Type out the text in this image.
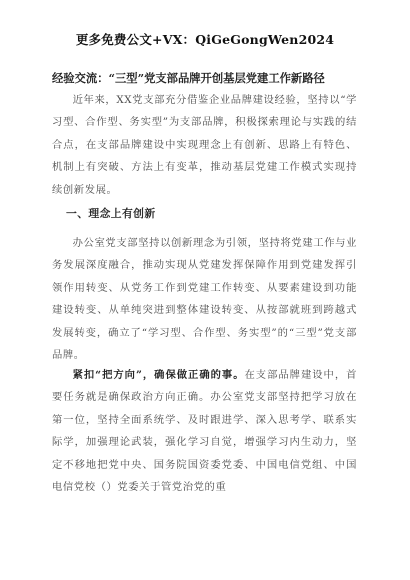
更多免费公文+VX：QiGeGongWen2024
经验交流：“三型”党支部品牌开创基层党建工作新路径
近年来，XX党支部充分借鉴企业品牌建设经验，坚持以“学习型、合作型、务实型”为支部品牌，积极探索理论与实践的结合点，在支部品牌建设中实现理念上有创新、思路上有特色、机制上有突破、方法上有变革，推动基层党建工作模式实现持续创新发展。
一、理念上有创新
办公室党支部坚持以创新理念为引领，坚持将党建工作与业务发展深度融合，推动实现从党建发挥保障作用到党建发挥引领作用转变、从党务工作到党建工作转变、从要素建设到功能建设转变、从单纯突进到整体建设转变、从按部就班到跨越式发展转变，确立了“学习型、合作型、务实型”的“三型”党支部品牌。
紧扣“把方向”，确保做正确的事。在支部品牌建设中，首要任务就是确保政治方向正确。办公室党支部坚持把学习放在第一位，坚持全面系统学、及时跟进学、深入思考学、联系实际学，加强理论武装，强化学习自觉，增强学习内生动力，坚定不移地把党中央、国务院国资委党委、中国电信党组、中国电信党校（）党委关于管党治党的重
